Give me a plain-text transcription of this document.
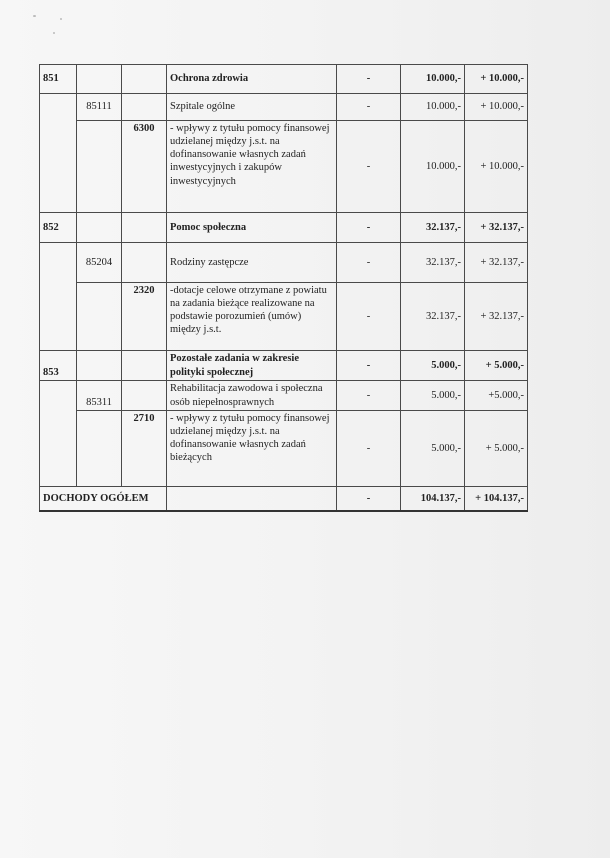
851			Ochrona zdrowia	-	10.000,-	+ 10.000,-
	85111		Szpitale ogólne	-	10.000,-	+ 10.000,-
		6300	- wpływy z tytułu pomocy finansowej udzielanej między j.s.t. na dofinansowanie własnych zadań inwestycyjnych i zakupów inwestycyjnych	-	10.000,-	+ 10.000,-
852			Pomoc społeczna	-	32.137,-	+ 32.137,-
	85204		Rodziny zastępcze	-	32.137,-	+ 32.137,-
		2320	-dotacje celowe otrzymane z powiatu na zadania bieżące realizowane na podstawie porozumień (umów) między j.s.t.	-	32.137,-	+ 32.137,-
853			Pozostałe zadania w zakresie polityki społecznej	-	5.000,-	+ 5.000,-
	85311		Rehabilitacja zawodowa i społeczna osób niepełnosprawnych	-	5.000,-	+5.000,-
		2710	- wpływy z tytułu pomocy finansowej udzielanej między j.s.t. na dofinansowanie własnych zadań bieżących	-	5.000,-	+ 5.000,-
DOCHODY OGÓŁEM				-	104.137,-	+ 104.137,-
